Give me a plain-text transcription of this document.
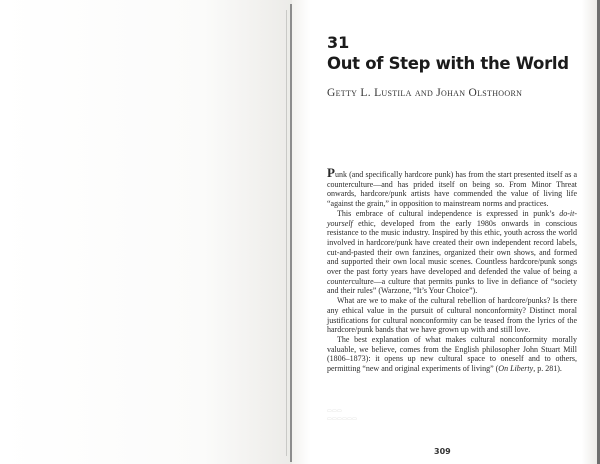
31
Out of Step with the World

Getty L. Lustila and Johan Olsthoorn

Punk (and specifically hardcore punk) has from the start presented itself as a counterculture—and has prided itself on being so. From Minor Threat onwards, hardcore/punk artists have commended the value of living life “against the grain,” in opposition to mainstream norms and practices.

This embrace of cultural independence is expressed in punk’s do-it-yourself ethic, developed from the early 1980s onwards in conscious resistance to the music industry. Inspired by this ethic, youth across the world involved in hardcore/punk have created their own independent record labels, cut-and-pasted their own fanzines, organized their own shows, and formed and supported their own local music scenes. Countless hardcore/punk songs over the past forty years have developed and defended the value of being a counterculture—a culture that permits punks to live in defiance of “society and their rules” (Warzone, “It’s Your Choice”).

What are we to make of the cultural rebellion of hardcore/punks? Is there any ethical value in the pursuit of cultural nonconformity? Distinct moral justifications for cultural nonconformity can be teased from the lyrics of the hardcore/punk bands that we have grown up with and still love.

The best explanation of what makes cultural nonconformity morally valuable, we believe, comes from the English philosopher John Stuart Mill (1806–1873): it opens up new cultural space to oneself and to others, permitting “new and original experiments of living” (On Liberty, p. 281).

▭▭▭
▭▭▭▭▭▭

309
